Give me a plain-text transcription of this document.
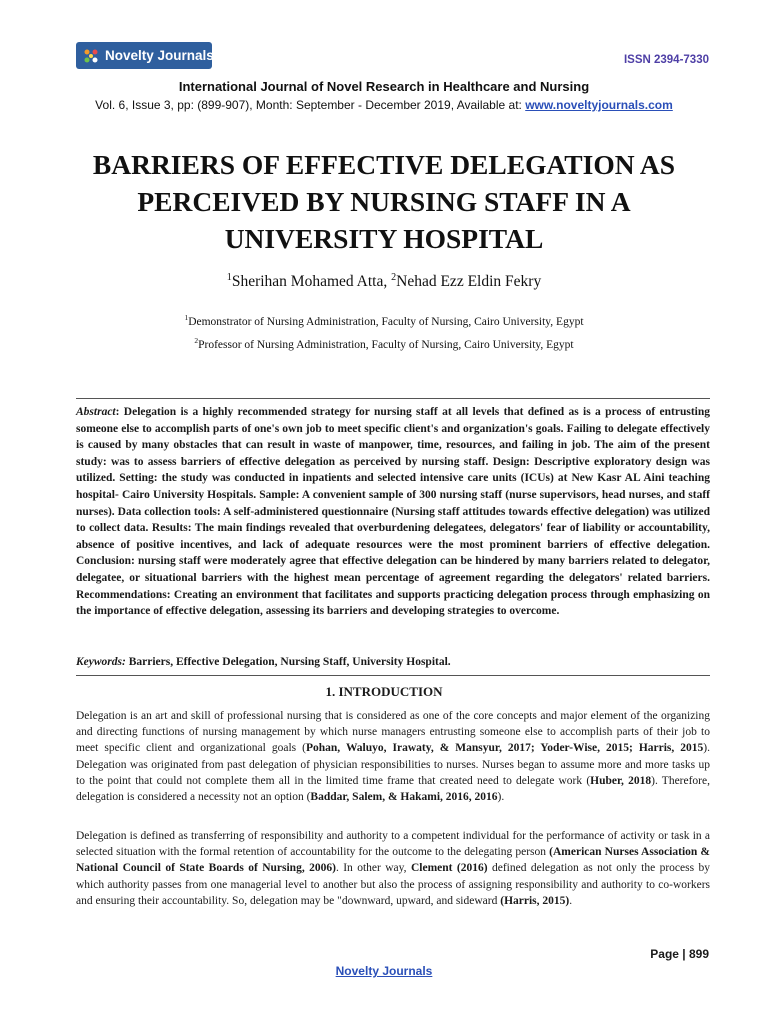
Novelty Journals	ISSN 2394-7330
International Journal of Novel Research in Healthcare and Nursing
Vol. 6, Issue 3, pp: (899-907), Month: September - December 2019, Available at: www.noveltyjournals.com
BARRIERS OF EFFECTIVE DELEGATION AS PERCEIVED BY NURSING STAFF IN A UNIVERSITY HOSPITAL
$^1$Sherihan Mohamed Atta, $^2$Nehad Ezz Eldin Fekry
$^1$Demonstrator of Nursing Administration, Faculty of Nursing, Cairo University, Egypt
$^2$Professor of Nursing Administration, Faculty of Nursing, Cairo University, Egypt
Abstract: Delegation is a highly recommended strategy for nursing staff at all levels that defined as is a process of entrusting someone else to accomplish parts of one's own job to meet specific client's and organization's goals. Failing to delegate effectively is caused by many obstacles that can result in waste of manpower, time, resources, and failing in job. The aim of the present study: was to assess barriers of effective delegation as perceived by nursing staff. Design: Descriptive exploratory design was utilized. Setting: the study was conducted in inpatients and selected intensive care units (ICUs) at New Kasr AL Aini teaching hospital- Cairo University Hospitals. Sample: A convenient sample of 300 nursing staff (nurse supervisors, head nurses, and staff nurses). Data collection tools: A self-administered questionnaire (Nursing staff attitudes towards effective delegation) was utilized to collect data. Results: The main findings revealed that overburdening delegatees, delegators' fear of liability or accountability, absence of positive incentives, and lack of adequate resources were the most prominent barriers of effective delegation. Conclusion: nursing staff were moderately agree that effective delegation can be hindered by many barriers related to delegator, delegatee, or situational barriers with the highest mean percentage of agreement regarding the delegators' related barriers. Recommendations: Creating an environment that facilitates and supports practicing delegation process through emphasizing on the importance of effective delegation, assessing its barriers and developing strategies to overcome.
Keywords: Barriers, Effective Delegation, Nursing Staff, University Hospital.
1. INTRODUCTION
Delegation is an art and skill of professional nursing that is considered as one of the core concepts and major element of the organizing and directing functions of nursing management by which nurse managers entrusting someone else to accomplish parts of their job to meet specific client and organizational goals (Pohan, Waluyo, Irawaty, & Mansyur, 2017; Yoder-Wise, 2015; Harris, 2015). Delegation was originated from past delegation of physician responsibilities to nurses. Nurses began to assume more and more tasks up to the point that could not complete them all in the limited time frame that created need to delegate work (Huber, 2018). Therefore, delegation is considered a necessity not an option (Baddar, Salem, & Hakami, 2016, 2016).
Delegation is defined as transferring of responsibility and authority to a competent individual for the performance of activity or task in a selected situation with the formal retention of accountability for the outcome to the delegating person (American Nurses Association & National Council of State Boards of Nursing, 2006). In other way, Clement (2016) defined delegation as not only the process by which authority passes from one managerial level to another but also the process of assigning responsibility and authority to co-workers and ensuring their accountability. So, delegation may be "downward, upward, and sideward (Harris, 2015).
Page | 899
Novelty Journals
